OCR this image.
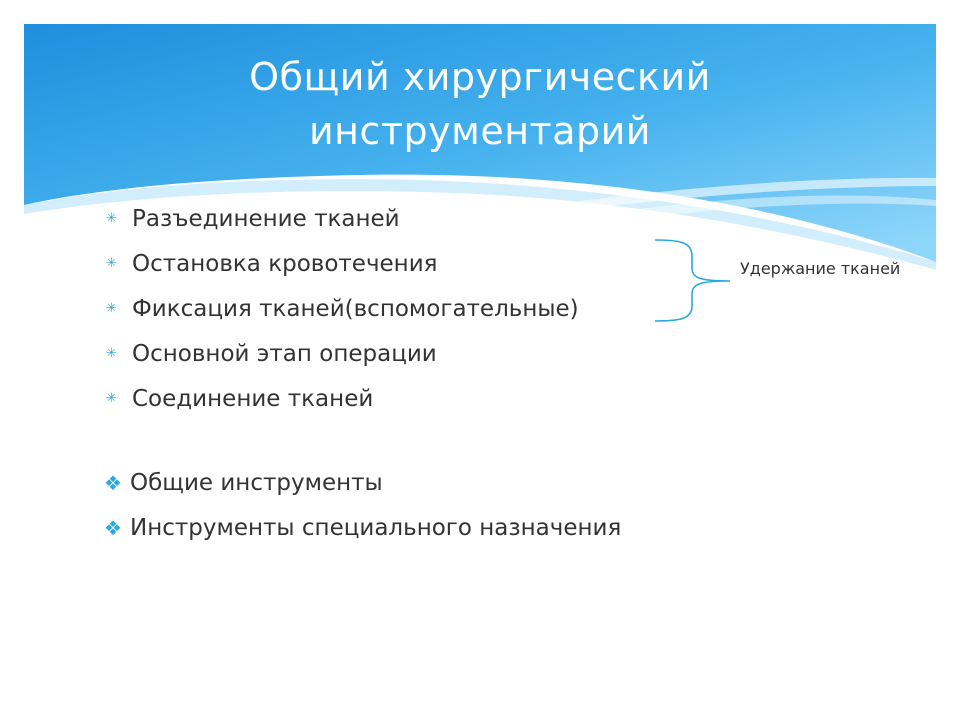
Общий хирургический
инструментарий
✳ Разъединение тканей
✳ Остановка кровотечения
✳ Фиксация тканей(вспомогательные)
✳ Основной этап операции
✳ Соединение тканей
❖ Общие инструменты
❖ Инструменты специального назначения
Удержание тканей
